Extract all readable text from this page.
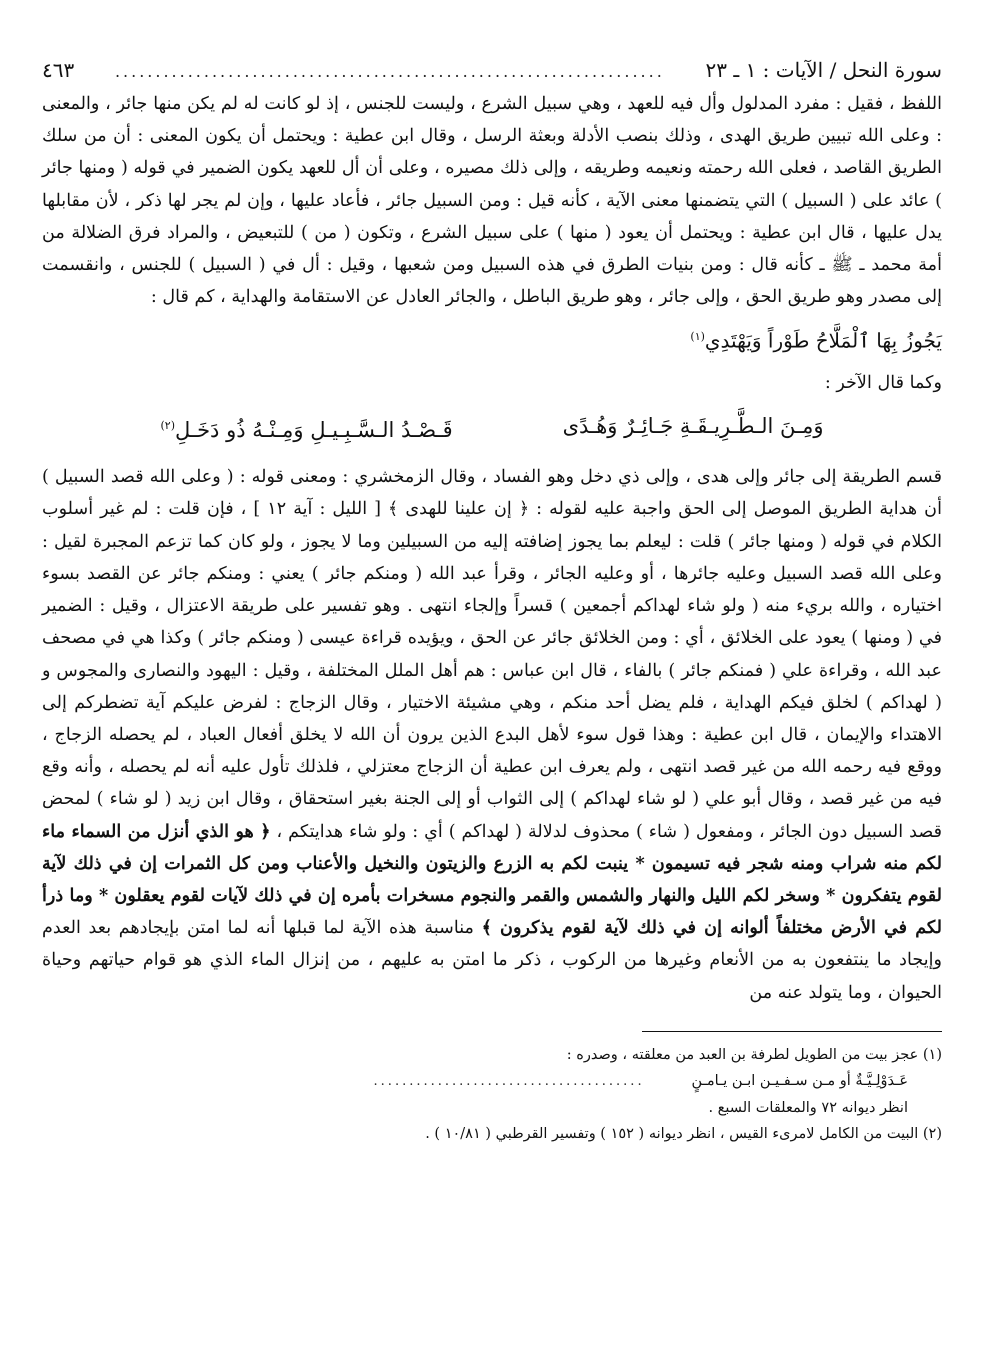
سورة النحل / الآيات : ١ ـ ٢٣
....................................................................
٤٦٣

اللفظ ، فقيل : مفرد المدلول وأل فيه للعهد ، وهي سبيل الشرع ، وليست للجنس ، إذ لو كانت له لم يكن منها جائر ، والمعنى : وعلى الله تبيين طريق الهدى ، وذلك بنصب الأدلة وبعثة الرسل ، وقال ابن عطية : ويحتمل أن يكون المعنى : أن من سلك الطريق القاصد ، فعلى الله رحمته ونعيمه وطريقه ، وإلى ذلك مصيره ، وعلى أن أل للعهد يكون الضمير في قوله ( ومنها جائر ) عائد على ( السبيل ) التي يتضمنها معنى الآية ، كأنه قيل : ومن السبيل جائر ، فأعاد عليها ، وإن لم يجر لها ذكر ، لأن مقابلها يدل عليها ، قال ابن عطية : ويحتمل أن يعود ( منها ) على سبيل الشرع ، وتكون ( من ) للتبعيض ، والمراد فرق الضلالة من أمة محمد ـ ﷺ ـ كأنه قال : ومن بنيات الطرق في هذه السبيل ومن شعبها ، وقيل : أل في ( السبيل ) للجنس ، وانقسمت إلى مصدر وهو طريق الحق ، وإلى جائر ، وهو طريق الباطل ، والجائر العادل عن الاستقامة والهداية ، كم قال :

يَجُوزُ بِهَا ٱلْمَلَّاحُ طَوْراً وَيَهْتَدِي$^{(١)}$

وكما قال الآخر :

وَمِـنَ الـطَّـرِيـقَـةِ جَـائِـرٌ وَهُـدًى
قَـصْـدُ الـسَّـبِـيـلِ وَمِـنْـهُ ذُو دَخَـلِ$^{(٢)}$

قسم الطريقة إلى جائر وإلى هدى ، وإلى ذي دخل وهو الفساد ، وقال الزمخشري : ومعنى قوله : ( وعلى الله قصد السبيل ) أن هداية الطريق الموصل إلى الحق واجبة عليه لقوله : ﴿ إن علينا للهدى ﴾ [ الليل : آية ١٢ ] ، فإن قلت : لم غير أسلوب الكلام في قوله ( ومنها جائر ) قلت : ليعلم بما يجوز إضافته إليه من السبيلين وما لا يجوز ، ولو كان كما تزعم المجبرة لقيل : وعلى الله قصد السبيل وعليه جائرها ، أو وعليه الجائر ، وقرأ عبد الله ( ومنكم جائر ) يعني : ومنكم جائر عن القصد بسوء اختياره ، والله بريء منه ( ولو شاء لهداكم أجمعين ) قسراً وإلجاء انتهى . وهو تفسير على طريقة الاعتزال ، وقيل : الضمير في ( ومنها ) يعود على الخلائق ، أي : ومن الخلائق جائر عن الحق ، ويؤيده قراءة عيسى ( ومنكم جائر ) وكذا هي في مصحف عبد الله ، وقراءة علي ( فمنكم جائر ) بالفاء ، قال ابن عباس : هم أهل الملل المختلفة ، وقيل : اليهود والنصارى والمجوس و ( لهداكم ) لخلق فيكم الهداية ، فلم يضل أحد منكم ، وهي مشيئة الاختيار ، وقال الزجاج : لفرض عليكم آية تضطركم إلى الاهتداء والإيمان ، قال ابن عطية : وهذا قول سوء لأهل البدع الذين يرون أن الله لا يخلق أفعال العباد ، لم يحصله الزجاج ، ووقع فيه رحمه الله من غير قصد انتهى ، ولم يعرف ابن عطية أن الزجاج معتزلي ، فلذلك تأول عليه أنه لم يحصله ، وأنه وقع فيه من غير قصد ، وقال أبو علي ( لو شاء لهداكم ) إلى الثواب أو إلى الجنة بغير استحقاق ، وقال ابن زيد ( لو شاء ) لمحض قصد السبيل دون الجائر ، ومفعول ( شاء ) محذوف لدلالة ( لهداكم ) أي : ولو شاء هدايتكم ، ﴿ هو الذي أنزل من السماء ماء لكم منه شراب ومنه شجر فيه تسيمون * ينبت لكم به الزرع والزيتون والنخيل والأعناب ومن كل الثمرات إن في ذلك لآية لقوم يتفكرون * وسخر لكم الليل والنهار والشمس والقمر والنجوم مسخرات بأمره إن في ذلك لآيات لقوم يعقلون * وما ذرأ لكم في الأرض مختلفاً ألوانه إن في ذلك لآية لقوم يذكرون ﴾ مناسبة هذه الآية لما قبلها أنه لما امتن بإيجادهم بعد العدم وإيجاد ما ينتفعون به من الأنعام وغيرها من الركوب ، ذكر ما امتن به عليهم ، من إنزال الماء الذي هو قوام حياتهم وحياة الحيوان ، وما يتولد عنه من

(١) عجز بيت من الطويل لطرفة بن العبد من معلقته ، وصدره :

عَـدَوْلِـيَّـةٌ أو مـن سـفـيـن ابـن يـامـنٍ
......................................

انظر ديوانه ٧٢ والمعلقات السبع .

(٢) البيت من الكامل لامرىء القيس ، انظر ديوانه ( ١٥٢ ) وتفسير القرطبي ( ١٠/٨١ ) .
